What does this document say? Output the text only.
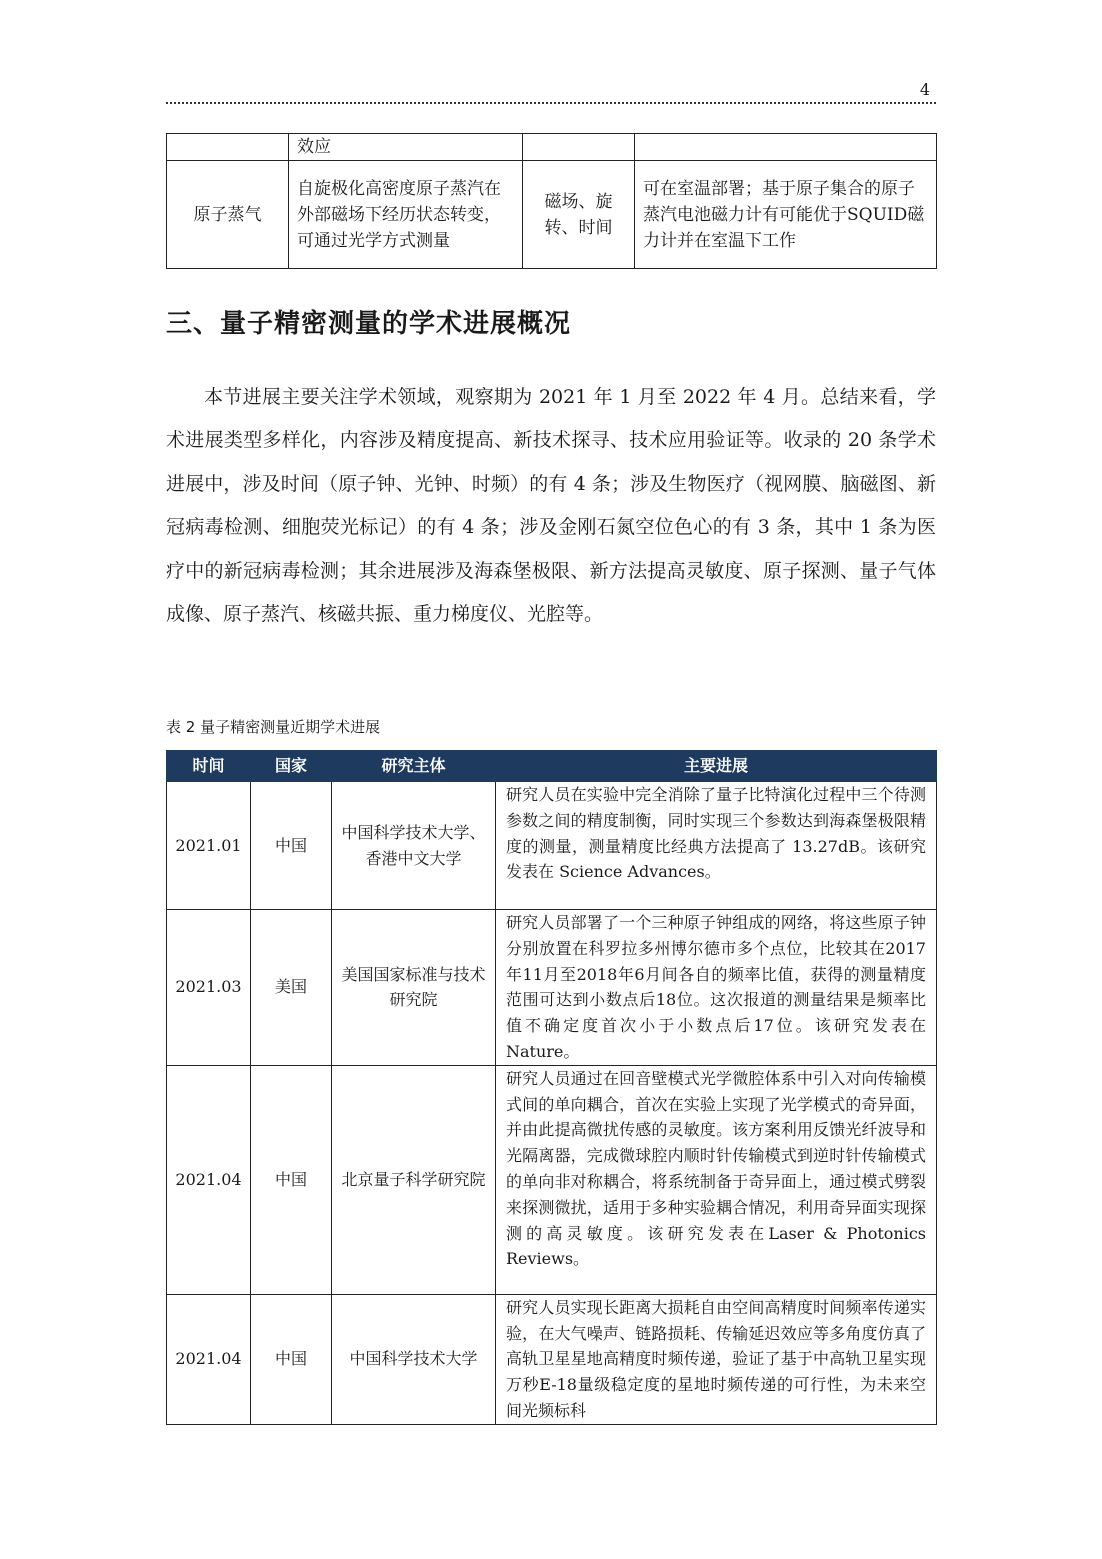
4
	效应		
原子蒸气	自旋极化高密度原子蒸汽在外部磁场下经历状态转变，可通过光学方式测量	磁场、旋转、时间	可在室温部署；基于原子集合的原子蒸汽电池磁力计有可能优于SQUID磁力计并在室温下工作
三、量子精密测量的学术进展概况

本节进展主要关注学术领域，观察期为 2021 年 1 月至 2022 年 4 月。总结来看，学术进展类型多样化，内容涉及精度提高、新技术探寻、技术应用验证等。收录的 20 条学术进展中，涉及时间（原子钟、光钟、时频）的有 4 条；涉及生物医疗（视网膜、脑磁图、新冠病毒检测、细胞荧光标记）的有 4 条；涉及金刚石氮空位色心的有 3 条，其中 1 条为医疗中的新冠病毒检测；其余进展涉及海森堡极限、新方法提高灵敏度、原子探测、量子气体成像、原子蒸汽、核磁共振、重力梯度仪、光腔等。

表 2 量子精密测量近期学术进展
时间	国家	研究主体	主要进展
2021.01	中国	中国科学技术大学、香港中文大学	研究人员在实验中完全消除了量子比特演化过程中三个待测参数之间的精度制衡，同时实现三个参数达到海森堡极限精度的测量，测量精度比经典方法提高了 13.27dB。该研究发表在 Science Advances。
2021.03	美国	美国国家标准与技术研究院	研究人员部署了一个三种原子钟组成的网络，将这些原子钟分别放置在科罗拉多州博尔德市多个点位，比较其在2017年11月至2018年6月间各自的频率比值，获得的测量精度范围可达到小数点后18位。这次报道的测量结果是频率比值不确定度首次小于小数点后17位。该研究发表在Nature。
2021.04	中国	北京量子科学研究院	研究人员通过在回音壁模式光学微腔体系中引入对向传输模式间的单向耦合，首次在实验上实现了光学模式的奇异面，并由此提高微扰传感的灵敏度。该方案利用反馈光纤波导和光隔离器，完成微球腔内顺时针传输模式到逆时针传输模式的单向非对称耦合，将系统制备于奇异面上，通过模式劈裂来探测微扰，适用于多种实验耦合情况，利用奇异面实现探测的高灵敏度。该研究发表在Laser & Photonics Reviews。
2021.04	中国	中国科学技术大学	研究人员实现长距离大损耗自由空间高精度时间频率传递实验，在大气噪声、链路损耗、传输延迟效应等多角度仿真了高轨卫星星地高精度时频传递，验证了基于中高轨卫星实现万秒E-18量级稳定度的星地时频传递的可行性，为未来空间光频标科
